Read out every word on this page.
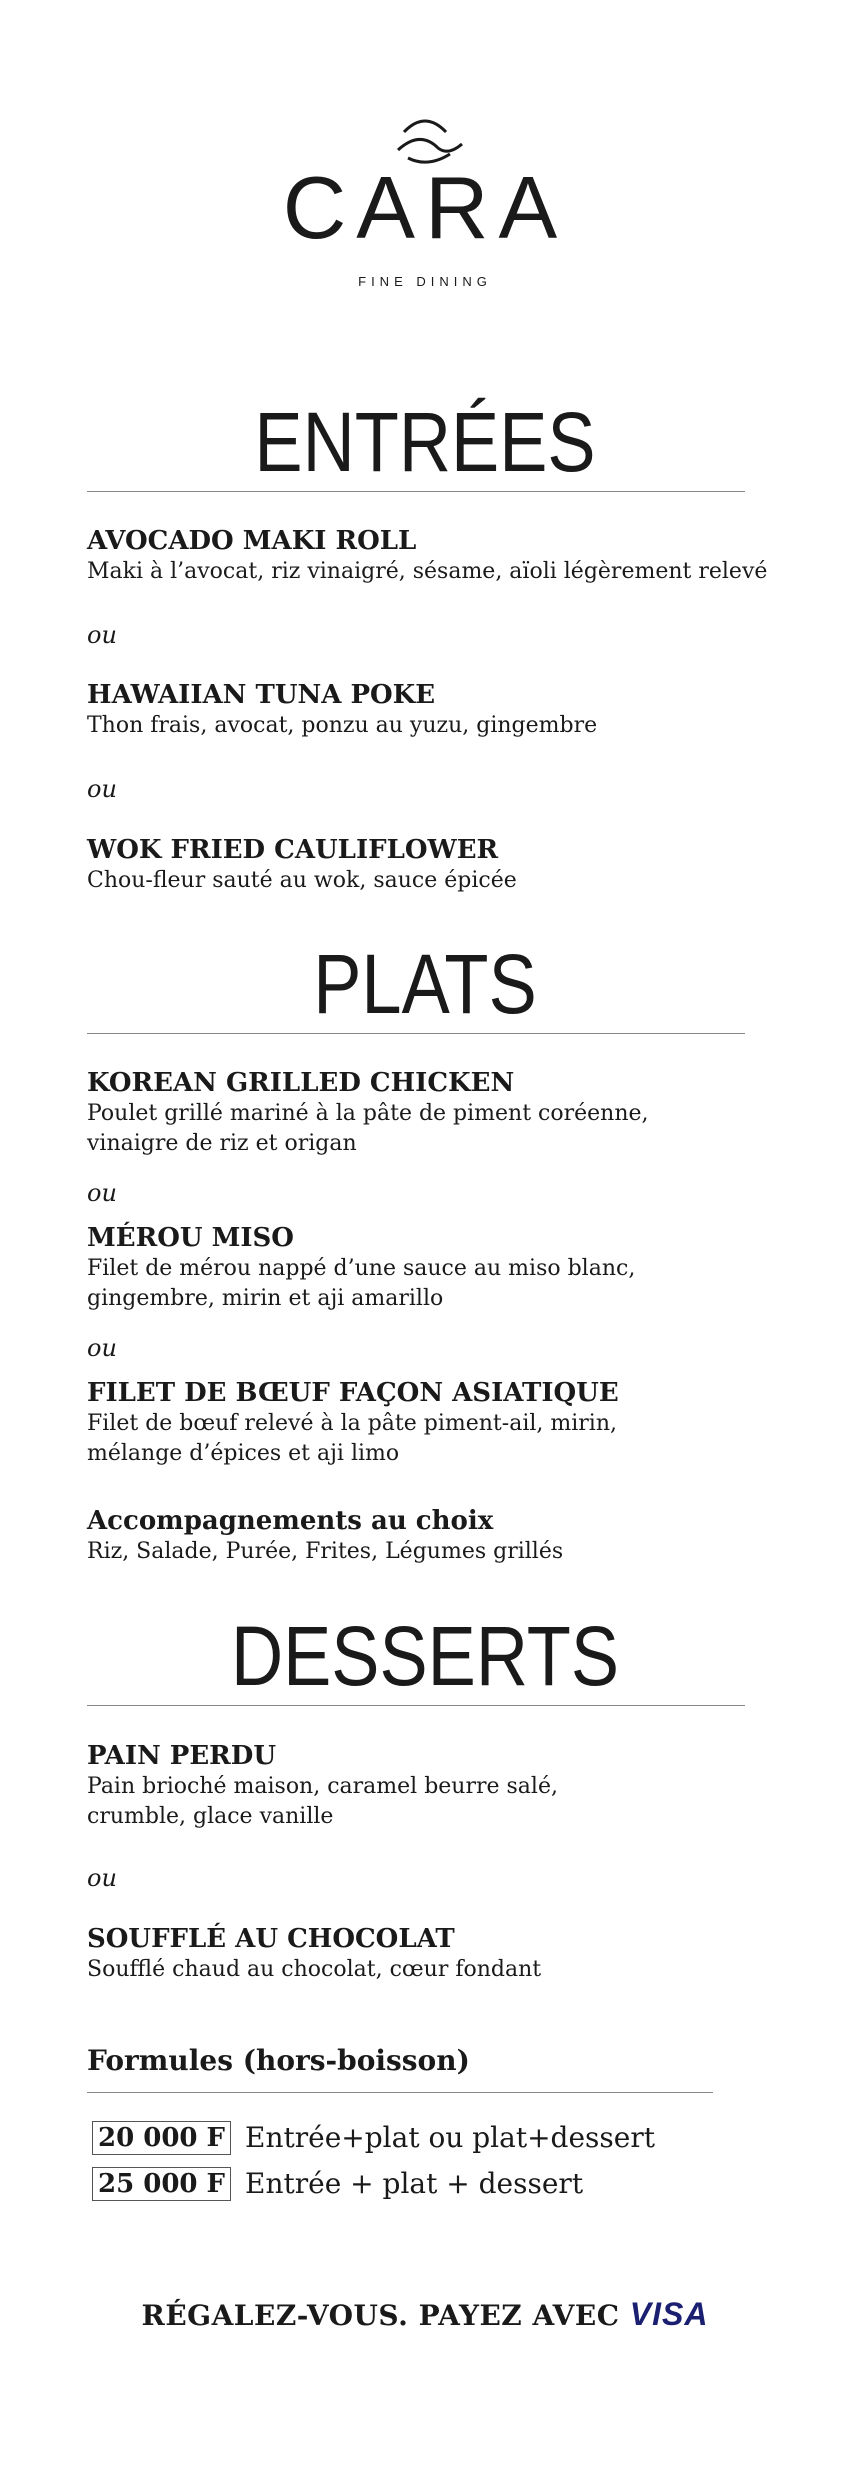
CARA
FINE DINING
ENTRÉES
AVOCADO MAKI ROLL
Maki à l’avocat, riz vinaigré, sésame, aïoli légèrement relevé
ou
HAWAIIAN TUNA POKE
Thon frais, avocat, ponzu au yuzu, gingembre
ou
WOK FRIED CAULIFLOWER
Chou-fleur sauté au wok, sauce épicée
PLATS
KOREAN GRILLED CHICKEN
Poulet grillé mariné à la pâte de piment coréenne,
vinaigre de riz et origan
ou
MÉROU MISO
Filet de mérou nappé d’une sauce au miso blanc,
gingembre, mirin et aji amarillo
ou
FILET DE BŒUF FAÇON ASIATIQUE
Filet de bœuf relevé à la pâte piment-ail, mirin,
mélange d’épices et aji limo
Accompagnements au choix
Riz, Salade, Purée, Frites, Légumes grillés
DESSERTS
PAIN PERDU
Pain brioché maison, caramel beurre salé,
crumble, glace vanille
ou
SOUFFLÉ AU CHOCOLAT
Soufflé chaud au chocolat, cœur fondant
Formules (hors-boisson)
20 000 F Entrée+plat ou plat+dessert
25 000 F Entrée + plat + dessert
RÉGALEZ-VOUS. PAYEZ AVEC VISA
